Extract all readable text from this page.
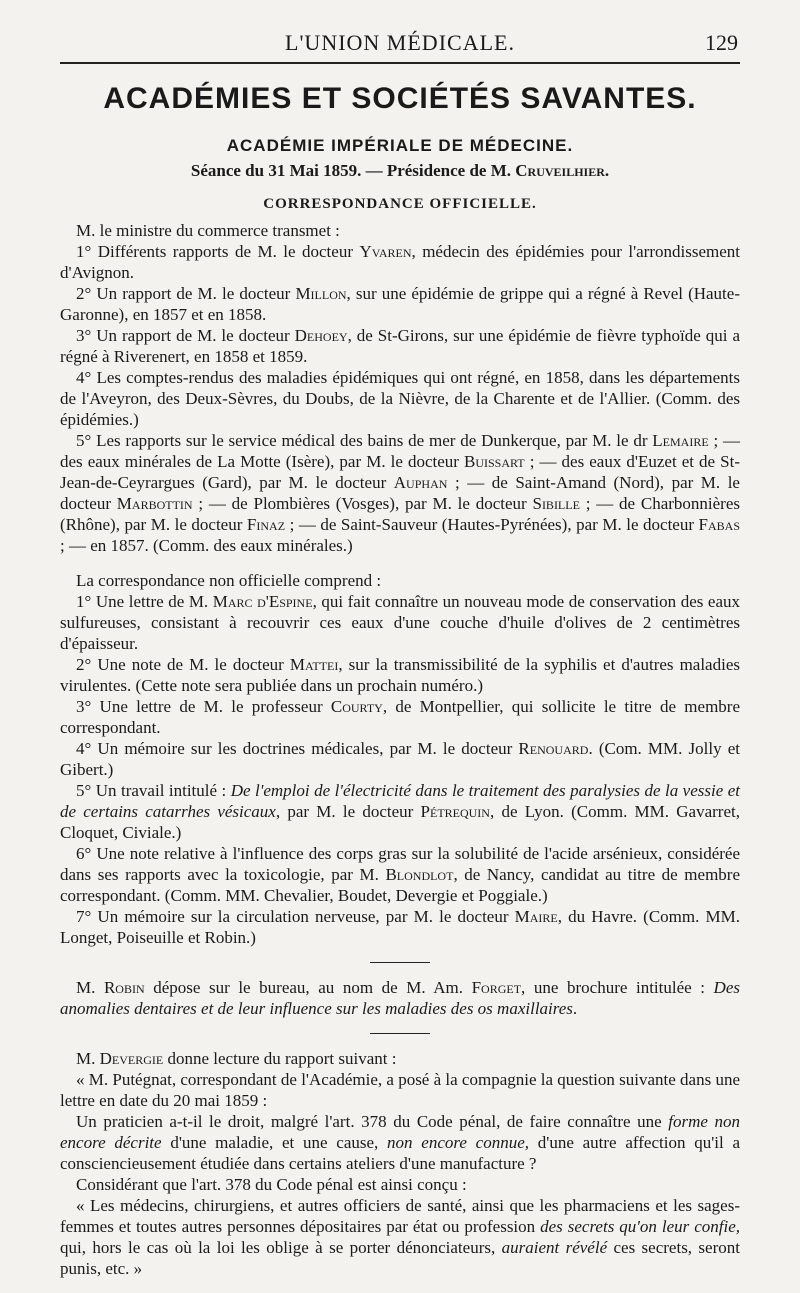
L'UNION MÉDICALE.	129
ACADÉMIES ET SOCIÉTÉS SAVANTES.
ACADÉMIE IMPÉRIALE DE MÉDECINE.
Séance du 31 Mai 1859. — Présidence de M. Cruveilhier.
CORRESPONDANCE OFFICIELLE.

M. le ministre du commerce transmet :

1° Différents rapports de M. le docteur Yvaren, médecin des épidémies pour l'arrondissement d'Avignon.

2° Un rapport de M. le docteur Millon, sur une épidémie de grippe qui a régné à Revel (Haute-Garonne), en 1857 et en 1858.

3° Un rapport de M. le docteur Dehoey, de St-Girons, sur une épidémie de fièvre typhoïde qui a régné à Riverenert, en 1858 et 1859.

4° Les comptes-rendus des maladies épidémiques qui ont régné, en 1858, dans les départements de l'Aveyron, des Deux-Sèvres, du Doubs, de la Nièvre, de la Charente et de l'Allier. (Comm. des épidémies.)

5° Les rapports sur le service médical des bains de mer de Dunkerque, par M. le dr Lemaire ; — des eaux minérales de La Motte (Isère), par M. le docteur Buissart ; — des eaux d'Euzet et de St-Jean-de-Ceyrargues (Gard), par M. le docteur Auphan ; — de Saint-Amand (Nord), par M. le docteur Marbottin ; — de Plombières (Vosges), par M. le docteur Sibille ; — de Charbonnières (Rhône), par M. le docteur Finaz ; — de Saint-Sauveur (Hautes-Pyrénées), par M. le docteur Fabas ; — en 1857. (Comm. des eaux minérales.)

La correspondance non officielle comprend :

1° Une lettre de M. Marc d'Espine, qui fait connaître un nouveau mode de conservation des eaux sulfureuses, consistant à recouvrir ces eaux d'une couche d'huile d'olives de 2 centimètres d'épaisseur.

2° Une note de M. le docteur Mattei, sur la transmissibilité de la syphilis et d'autres maladies virulentes. (Cette note sera publiée dans un prochain numéro.)

3° Une lettre de M. le professeur Courty, de Montpellier, qui sollicite le titre de membre correspondant.

4° Un mémoire sur les doctrines médicales, par M. le docteur Renouard. (Com. MM. Jolly et Gibert.)

5° Un travail intitulé : De l'emploi de l'électricité dans le traitement des paralysies de la vessie et de certains catarrhes vésicaux, par M. le docteur Pétrequin, de Lyon. (Comm. MM. Gavarret, Cloquet, Civiale.)

6° Une note relative à l'influence des corps gras sur la solubilité de l'acide arsénieux, considérée dans ses rapports avec la toxicologie, par M. Blondlot, de Nancy, candidat au titre de membre correspondant. (Comm. MM. Chevalier, Boudet, Devergie et Poggiale.)

7° Un mémoire sur la circulation nerveuse, par M. le docteur Maire, du Havre. (Comm. MM. Longet, Poiseuille et Robin.)

M. Robin dépose sur le bureau, au nom de M. Am. Forget, une brochure intitulée : Des anomalies dentaires et de leur influence sur les maladies des os maxillaires.

M. Devergie donne lecture du rapport suivant :

« M. Putégnat, correspondant de l'Académie, a posé à la compagnie la question suivante dans une lettre en date du 20 mai 1859 :

Un praticien a-t-il le droit, malgré l'art. 378 du Code pénal, de faire connaître une forme non encore décrite d'une maladie, et une cause, non encore connue, d'une autre affection qu'il a consciencieusement étudiée dans certains ateliers d'une manufacture ?

Considérant que l'art. 378 du Code pénal est ainsi conçu :

« Les médecins, chirurgiens, et autres officiers de santé, ainsi que les pharmaciens et les sages-femmes et toutes autres personnes dépositaires par état ou profession des secrets qu'on leur confie, qui, hors le cas où la loi les oblige à se porter dénonciateurs, auraient révélé ces secrets, seront punis, etc. »
